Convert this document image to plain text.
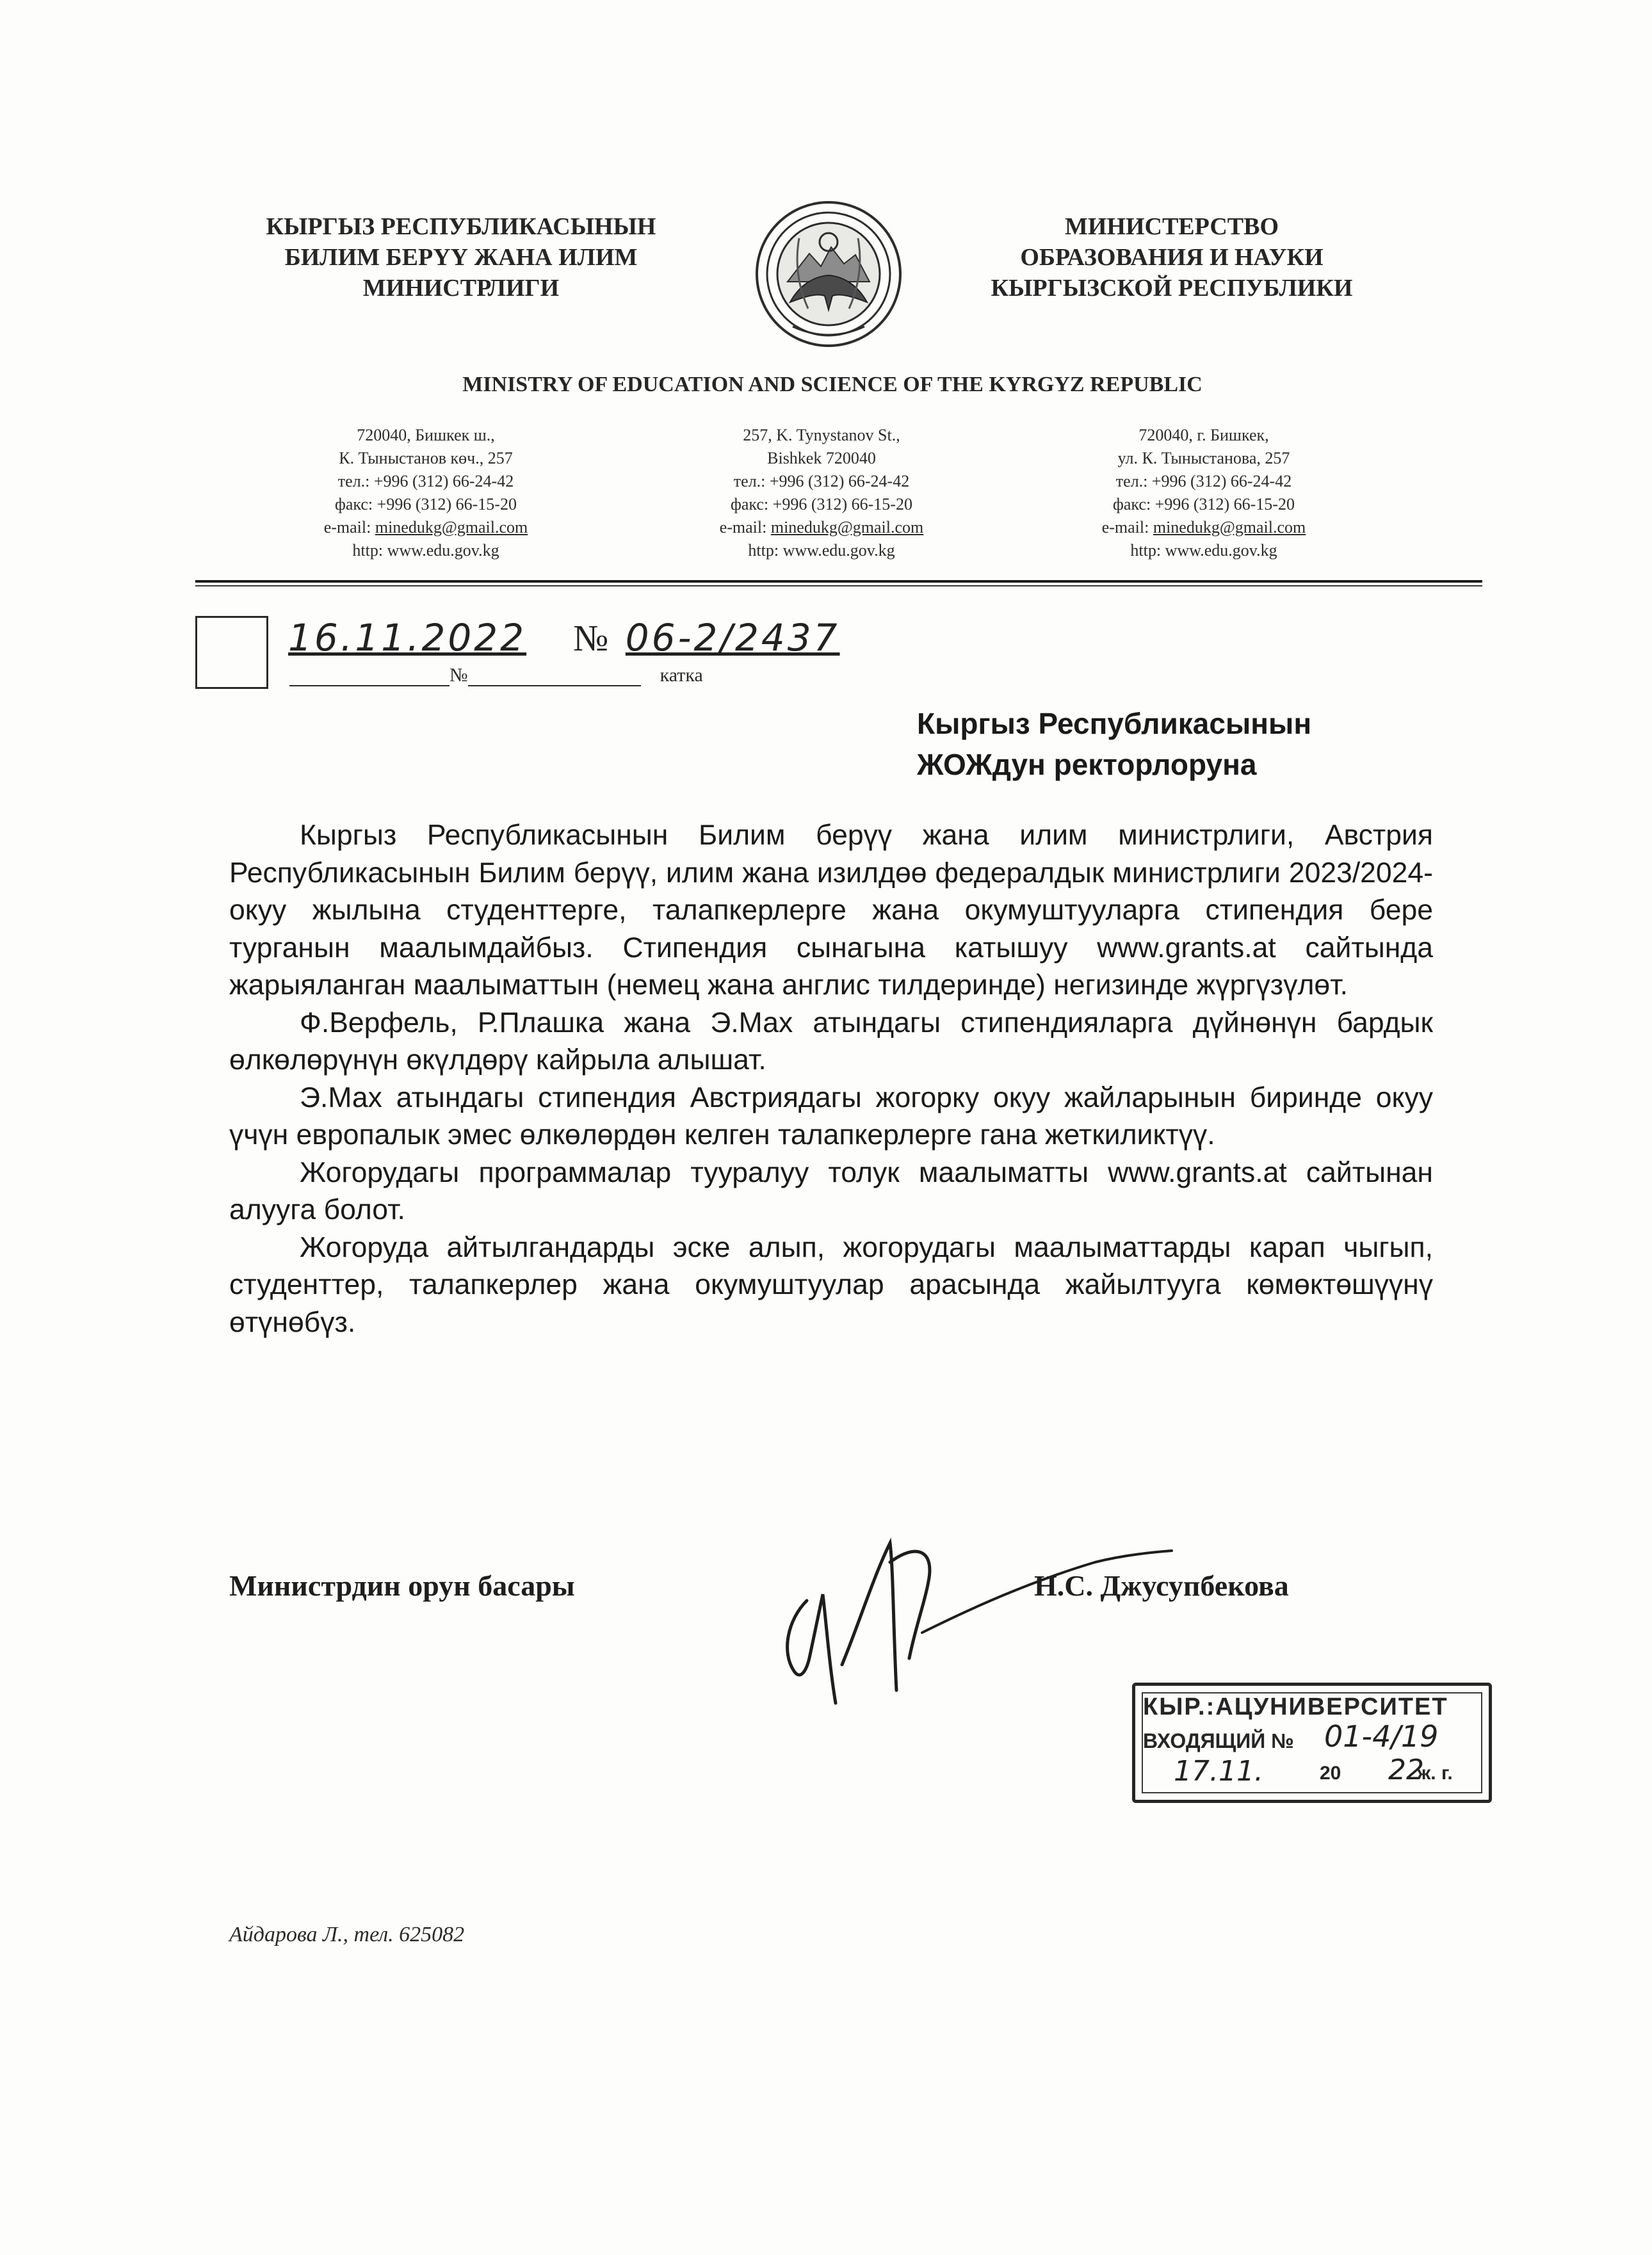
КЫРГЫЗ РЕСПУБЛИКАСЫНЫН
БИЛИМ БЕРҮҮ ЖАНА ИЛИМ
МИНИСТРЛИГИ
МИНИСТЕРСТВО
ОБРАЗОВАНИЯ И НАУКИ
КЫРГЫЗСКОЙ РЕСПУБЛИКИ
MINISTRY OF EDUCATION AND SCIENCE OF THE KYRGYZ REPUBLIC
720040, Бишкек ш.,
К. Тыныстанов көч., 257
тел.: +996 (312) 66-24-42
факс: +996 (312) 66-15-20
e-mail: minedukg@gmail.com
http: www.edu.gov.kg
257, K. Tynystanov St.,
Bishkek 720040
тел.: +996 (312) 66-24-42
факс: +996 (312) 66-15-20
e-mail: minedukg@gmail.com
http: www.edu.gov.kg
720040, г. Бишкек,
ул. К. Тыныстанова, 257
тел.: +996 (312) 66-24-42
факс: +996 (312) 66-15-20
e-mail: minedukg@gmail.com
http: www.edu.gov.kg
16.11.2022 № 06-2/2437
№	катка
Кыргыз Республикасынын
ЖОЖдун ректорлоруна

Кыргыз Республикасынын Билим берүү жана илим министрлиги, Австрия Республикасынын Билим берүү, илим жана изилдөө федералдык министрлиги 2023/2024-окуу жылына студенттерге, талапкерлерге жана окумуштууларга стипендия бере турганын маалымдайбыз. Стипендия сынагына катышуу www.grants.at сайтында жарыяланган маалыматтын (немец жана англис тилдеринде) негизинде жүргүзүлөт.

Ф.Верфель, Р.Плашка жана Э.Мах атындагы стипендияларга дүйнөнүн бардык өлкөлөрүнүн өкүлдөрү кайрыла алышат.

Э.Мах атындагы стипендия Австриядагы жогорку окуу жайларынын биринде окуу үчүн европалык эмес өлкөлөрдөн келген талапкерлерге гана жеткиликтүү.

Жогорудагы программалар тууралуу толук маалыматты www.grants.at сайтынан алууга болот.

Жогоруда айтылгандарды эске алып, жогорудагы маалыматтарды карап чыгып, студенттер, талапкерлер жана окумуштуулар арасында жайылтууга көмөктөшүүнү өтүнөбүз.

Министрдин орун басары	Н.С. Джусупбекова
КЫР.:АЦУНИВЕРСИТЕТ
ВХОДЯЩИЙ № 01-4/19
17.11.	20 22
ж. г.
Айдарова Л., тел. 625082
